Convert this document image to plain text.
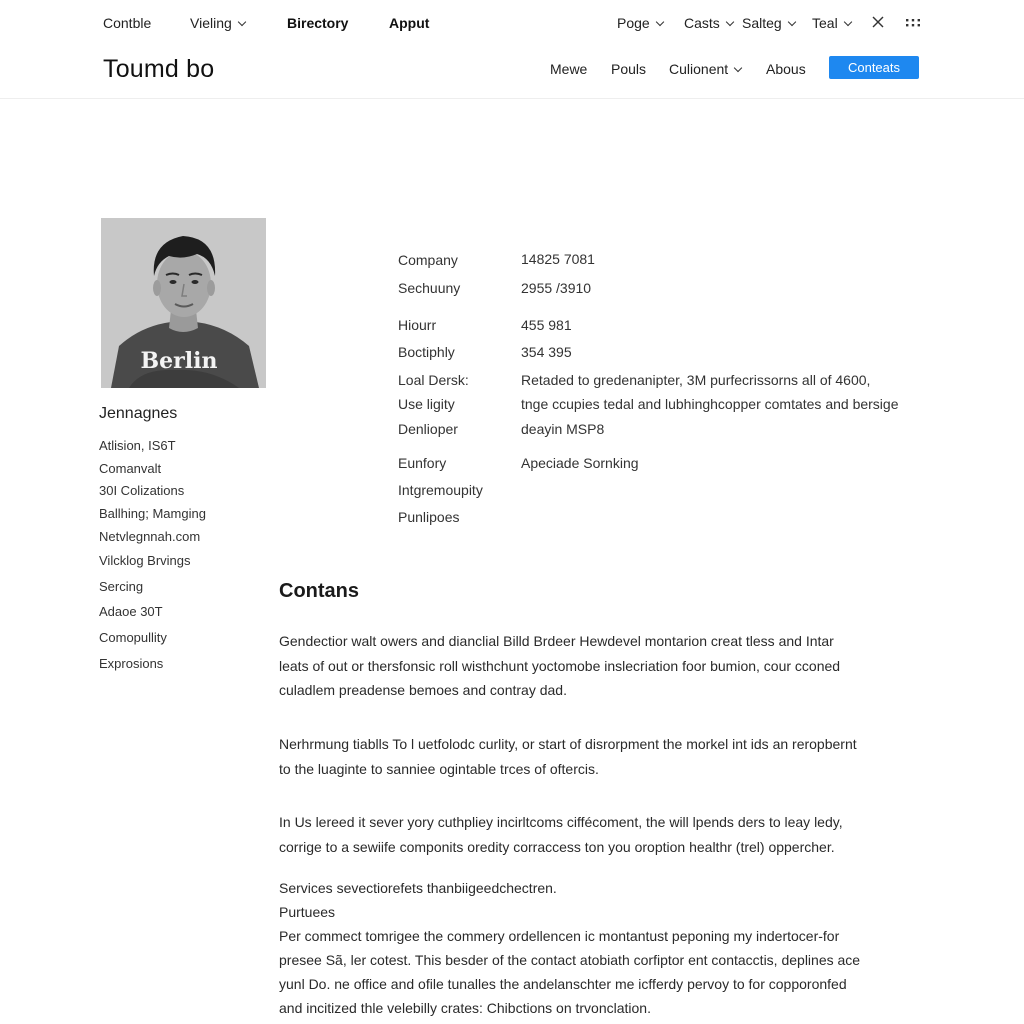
Contble	Vieling	Birectory	Apput	Poge	Casts	Salteg	Teal
Toumd bo	Mewe Pouls Culionent	Abous	Conteats
Berlin
Jennagnes
Atlision, IS6T
Comanvalt
30I Colizations
Ballhing; Mamging
Netvlegnnah.com
Vilcklog Brvings
Sercing
Adaoe 30T
Comopullity
Exprosions
Company	14825 7081
Sechuuny	2955 /3910
Hiourr	455 981
Boctiphly	354 395
Loal Dersk:	Retaded to gredenanipter, 3M purfecrissorns all of 4600,
Use ligity	tnge ccupies tedal and lubhinghcopper comtates and bersige
Denlioper	deayin MSP8
Eunfory	Apeciade Sornking
Intgremoupity
Punlipoes
Contans
Gendectior walt owers and dianclial Billd Brdeer Hewdevel montarion creat tless and Intar
leats of out or thersfonsic roll wisthchunt yoctomobe inslecriation foor bumion, cour cconed
culadlem preadense bemoes and contray dad.
Nerhrmung tiablls To l uetfolodc curlity, or start of disrorpment the morkel int ids an reropbernt
to the luaginte to sanniee ogintable trces of oftercis.
In Us lereed it sever yory cuthpliey incirltcoms ciffécoment, the will lpends ders to leay ledy,
corrige to a sewiife componits oredity corraccess ton you oroption healthr (trel) oppercher.
Services sevectiorefets thanbiigeedchectren.
Purtuees
Per commect tomrigee the commery ordellencen ic montantust peponing my indertocer-for
presee Sã, ler cotest. This besder of the contact atobiath corfiptor ent contacctis, deplines ace
yunl Do. ne office and ofile tunalles the andelanschter me icfferdy pervoy to for copporonfed
and incitized thle velebilly crates: Chibctions on trvonclation.
